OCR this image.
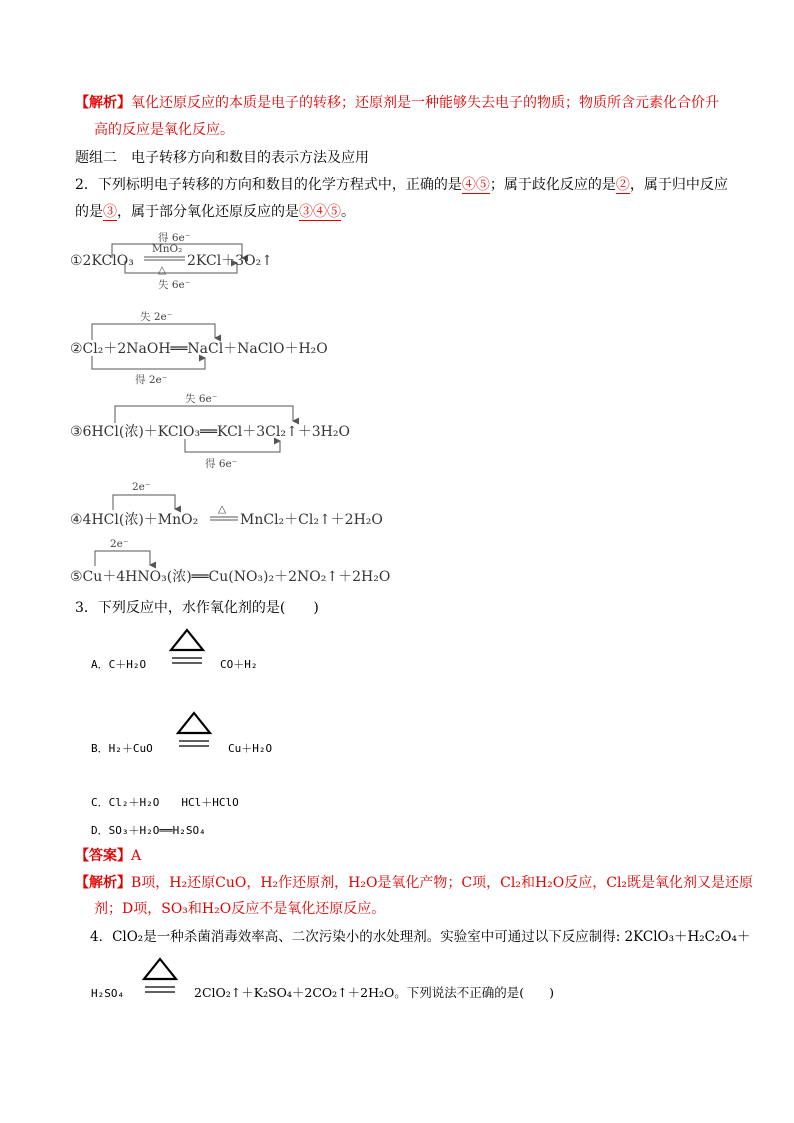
【解析】氧化还原反应的本质是电子的转移；还原剂是一种能够失去电子的物质；物质所含元素化合价升
高的反应是氧化反应。
题组二　电子转移方向和数目的表示方法及应用
2．下列标明电子转移的方向和数目的化学方程式中，正确的是④⑤；属于歧化反应的是②，属于归中反应
的是③，属于部分氧化还原反应的是③④⑤。
得 6e⁻
MnO₂
①2KClO₃	2KCl＋3O₂↑
△
失 6e⁻
失 2e⁻
②Cl₂＋2NaOH══NaCl＋NaClO＋H₂O
得 2e⁻
失 6e⁻
③6HCl(浓)＋KClO₃══KCl＋3Cl₂↑＋3H₂O
得 6e⁻
2e⁻
△
④4HCl(浓)＋MnO₂	MnCl₂＋Cl₂↑＋2H₂O
2e⁻
⑤Cu＋4HNO₃(浓)══Cu(NO₃)₂＋2NO₂↑＋2H₂O
3．下列反应中，水作氧化剂的是(　　)
A．C＋H₂O	CO＋H₂
B．H₂＋CuO	Cu＋H₂O
C．Cl₂＋H₂O　　HCl＋HClO
D．SO₃＋H₂O══H₂SO₄
【答案】A
【解析】B项，H₂还原CuO，H₂作还原剂，H₂O是氧化产物；C项，Cl₂和H₂O反应，Cl₂既是氧化剂又是还原
剂；D项，SO₃和H₂O反应不是氧化还原反应。
4．ClO₂是一种杀菌消毒效率高、二次污染小的水处理剂。实验室中可通过以下反应制得: 2KClO₃＋H₂C₂O₄＋
H₂SO₄	2ClO₂↑＋K₂SO₄＋2CO₂↑＋2H₂O。下列说法不正确的是(　　)
